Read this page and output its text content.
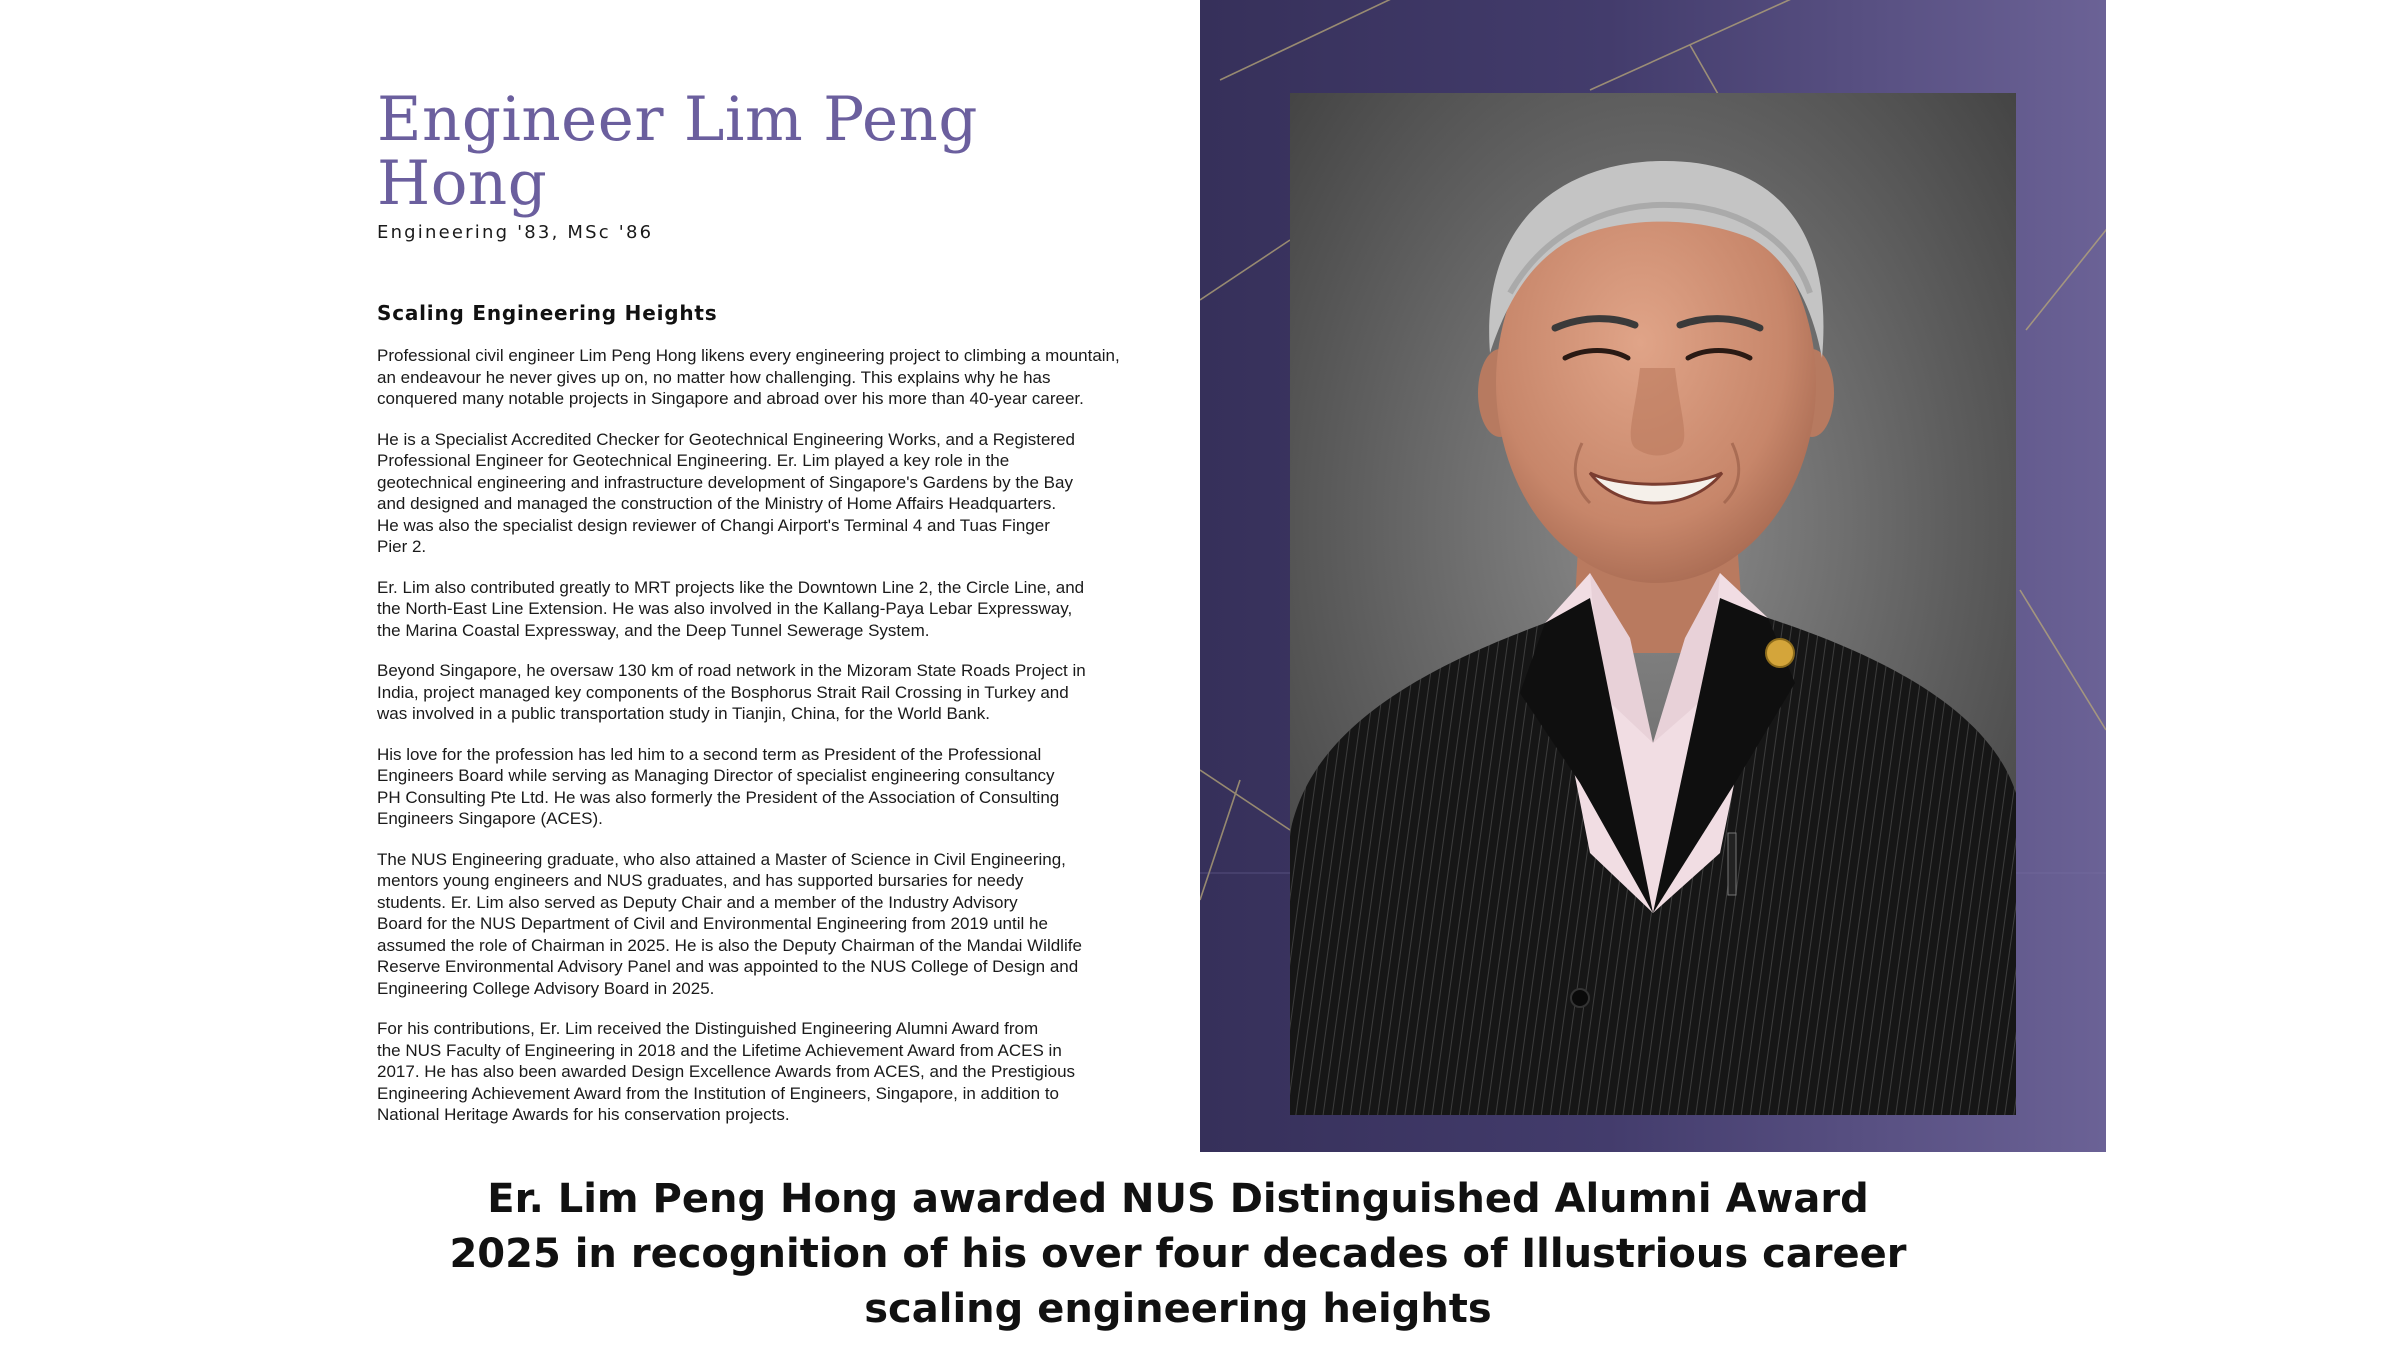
Engineer Lim Peng Hong
Engineering '83, MSc '86
Scaling Engineering Heights

Professional civil engineer Lim Peng Hong likens every engineering project to climbing a mountain,
an endeavour he never gives up on, no matter how challenging. This explains why he has
conquered many notable projects in Singapore and abroad over his more than 40-year career.

He is a Specialist Accredited Checker for Geotechnical Engineering Works, and a Registered
Professional Engineer for Geotechnical Engineering. Er. Lim played a key role in the
geotechnical engineering and infrastructure development of Singapore's Gardens by the Bay
and designed and managed the construction of the Ministry of Home Affairs Headquarters.
He was also the specialist design reviewer of Changi Airport's Terminal 4 and Tuas Finger
Pier 2.

Er. Lim also contributed greatly to MRT projects like the Downtown Line 2, the Circle Line, and
the North-East Line Extension. He was also involved in the Kallang-Paya Lebar Expressway,
the Marina Coastal Expressway, and the Deep Tunnel Sewerage System.

Beyond Singapore, he oversaw 130 km of road network in the Mizoram State Roads Project in
India, project managed key components of the Bosphorus Strait Rail Crossing in Turkey and
was involved in a public transportation study in Tianjin, China, for the World Bank.

His love for the profession has led him to a second term as President of the Professional
Engineers Board while serving as Managing Director of specialist engineering consultancy
PH Consulting Pte Ltd. He was also formerly the President of the Association of Consulting
Engineers Singapore (ACES).

The NUS Engineering graduate, who also attained a Master of Science in Civil Engineering,
mentors young engineers and NUS graduates, and has supported bursaries for needy
students. Er. Lim also served as Deputy Chair and a member of the Industry Advisory
Board for the NUS Department of Civil and Environmental Engineering from 2019 until he
assumed the role of Chairman in 2025. He is also the Deputy Chairman of the Mandai Wildlife
Reserve Environmental Advisory Panel and was appointed to the NUS College of Design and
Engineering College Advisory Board in 2025.

For his contributions, Er. Lim received the Distinguished Engineering Alumni Award from
the NUS Faculty of Engineering in 2018 and the Lifetime Achievement Award from ACES in
2017. He has also been awarded Design Excellence Awards from ACES, and the Prestigious
Engineering Achievement Award from the Institution of Engineers, Singapore, in addition to
National Heritage Awards for his conservation projects.

Er. Lim Peng Hong awarded NUS Distinguished Alumni Award
2025 in recognition of his over four decades of Illustrious career
scaling engineering heights
